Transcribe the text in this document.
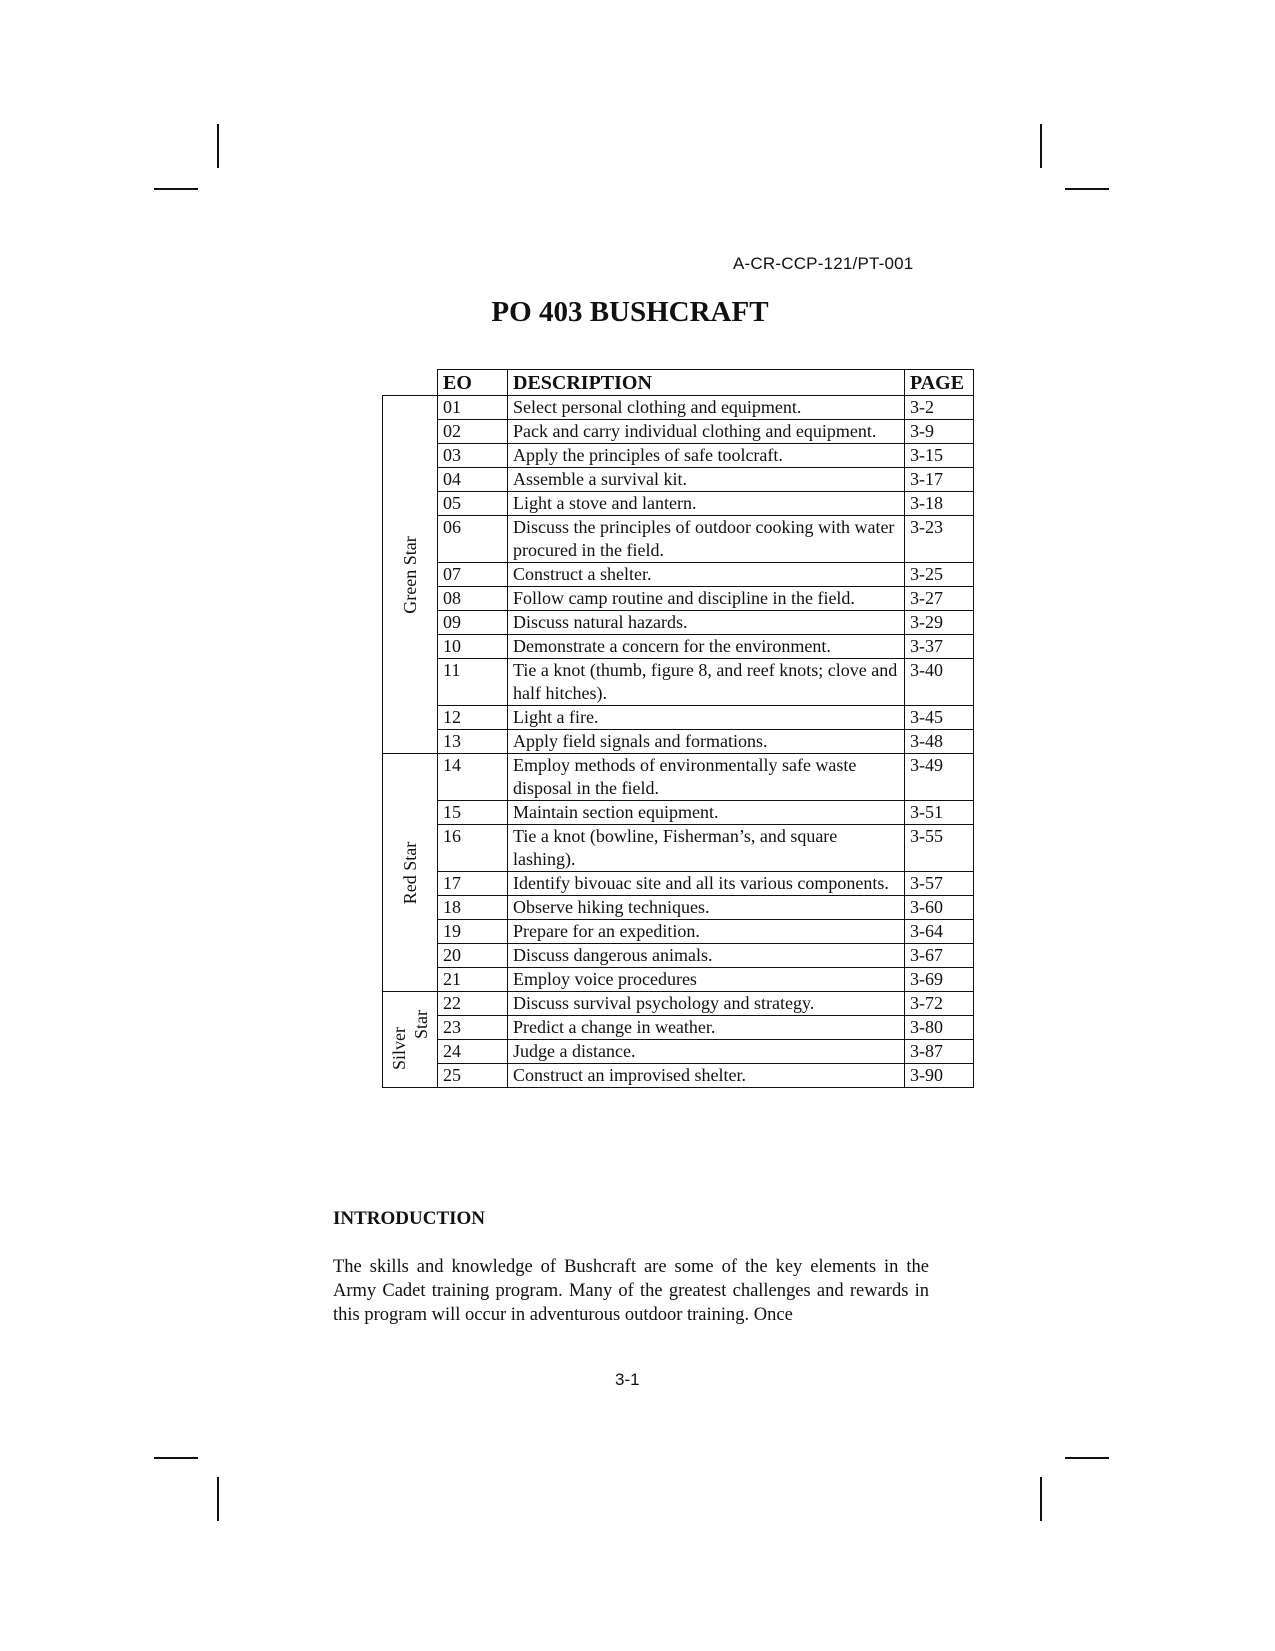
A-CR-CCP-121/PT-001
PO 403 BUSHCRAFT
	EO	DESCRIPTION	PAGE

Green Star	01	Select personal clothing and equipment.	3-2
	02	Pack and carry individual clothing and equipment.	3-9
	03	Apply the principles of safe toolcraft.	3-15
	04	Assemble a survival kit.	3-17
	05	Light a stove and lantern.	3-18
	06	Discuss the principles of outdoor cooking with water procured in the field.	3-23
	07	Construct a shelter.	3-25
	08	Follow camp routine and discipline in the field.	3-27
	09	Discuss natural hazards.	3-29
	10	Demonstrate a concern for the environment.	3-37
	11	Tie a knot (thumb, figure 8, and reef knots; clove and half hitches).	3-40
	12	Light a fire.	3-45
	13	Apply field signals and formations.	3-48

Red Star	14	Employ methods of environmentally safe waste disposal in the field.	3-49
	15	Maintain section equipment.	3-51
	16	Tie a knot (bowline, Fisherman’s, and square lashing).	3-55
	17	Identify bivouac site and all its various components.	3-57
	18	Observe hiking techniques.	3-60
	19	Prepare for an expedition.	3-64
	20	Discuss dangerous animals.	3-67
	21	Employ voice procedures	3-69

Silver
Star	22	Discuss survival psychology and strategy.	3-72
	23	Predict a change in weather.	3-80
	24	Judge a distance.	3-87
	25	Construct an improvised shelter.	3-90
INTRODUCTION

The skills and knowledge of Bushcraft are some of the key elements in the Army Cadet training program. Many of the greatest challenges and rewards in this program will occur in adventurous outdoor training. Once

3-1
